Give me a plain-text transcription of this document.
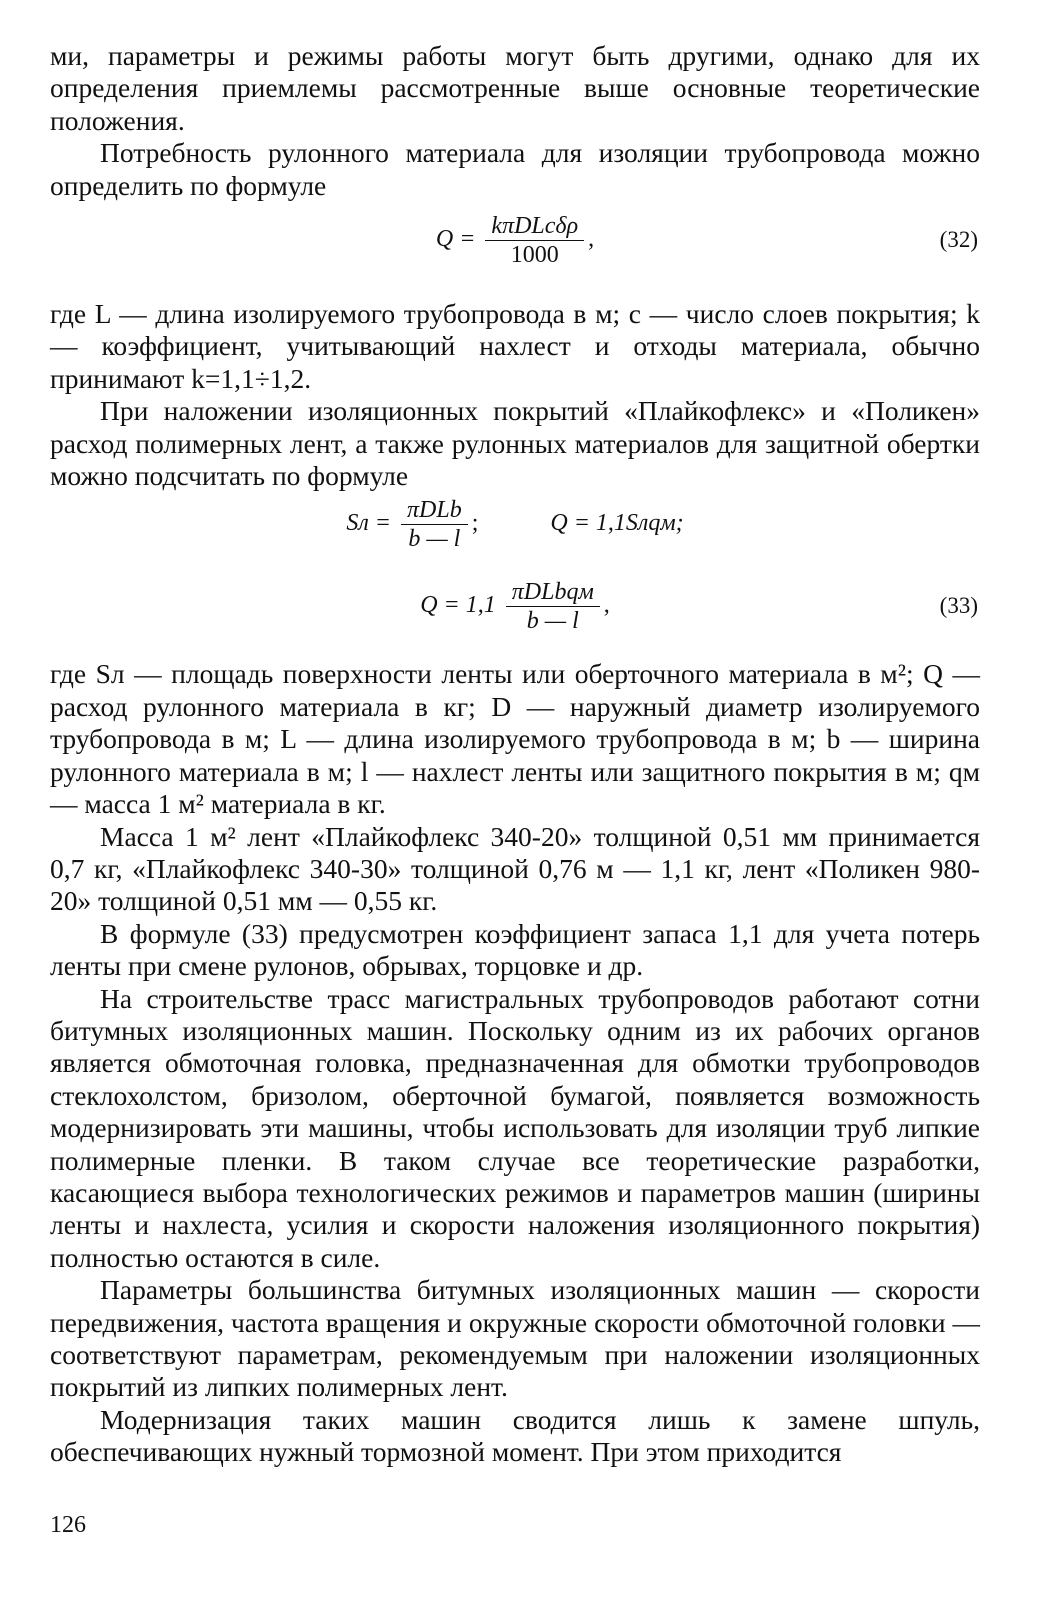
ми, параметры и режимы работы могут быть другими, однако для их определения приемлемы рассмотренные выше основные теоретические положения.

Потребность рулонного материала для изоляции трубопровода можно определить по формуле

$Q = \frac{\text{kπDLcδρ}}{1000}$ ,	(32)

где L — длина изолируемого трубопровода в м; c — число слоев покрытия; k — коэффициент, учитывающий нахлест и отходы материала, обычно принимают k=1,1÷1,2.

При наложении изоляционных покрытий «Плайкофлекс» и «Поликен» расход полимерных лент, а также рулонных материалов для защитной обертки можно подсчитать по формуле

Sл = $\frac{\text{πDLb}}{b — l}$ ;	Q = 1,1Sлqм;
$Q = 1,1 \frac{\text{πDLbqм}}{b — l}$ ,	(33)

где Sл — площадь поверхности ленты или оберточного материала в м²; Q — расход рулонного материала в кг; D — наружный диаметр изолируемого трубопровода в м; L — длина изолируемого трубопровода в м; b — ширина рулонного материала в м; l — нахлест ленты или защитного покрытия в м; qм — масса 1 м² материала в кг.

Масса 1 м² лент «Плайкофлекс 340-20» толщиной 0,51 мм принимается 0,7 кг, «Плайкофлекс 340-30» толщиной 0,76 м — 1,1 кг, лент «Поликен 980-20» толщиной 0,51 мм — 0,55 кг.

В формуле (33) предусмотрен коэффициент запаса 1,1 для учета потерь ленты при смене рулонов, обрывах, торцовке и др.

На строительстве трасс магистральных трубопроводов работают сотни битумных изоляционных машин. Поскольку одним из их рабочих органов является обмоточная головка, предназначенная для обмотки трубопроводов стеклохолстом, бризолом, оберточной бумагой, появляется возможность модернизировать эти машины, чтобы использовать для изоляции труб липкие полимерные пленки. В таком случае все теоретические разработки, касающиеся выбора технологических режимов и параметров машин (ширины ленты и нахлеста, усилия и скорости наложения изоляционного покрытия) полностью остаются в силе.

Параметры большинства битумных изоляционных машин — скорости передвижения, частота вращения и окружные скорости обмоточной головки — соответствуют параметрам, рекомендуемым при наложении изоляционных покрытий из липких полимерных лент.

Модернизация таких машин сводится лишь к замене шпуль, обеспечивающих нужный тормозной момент. При этом приходится

126
